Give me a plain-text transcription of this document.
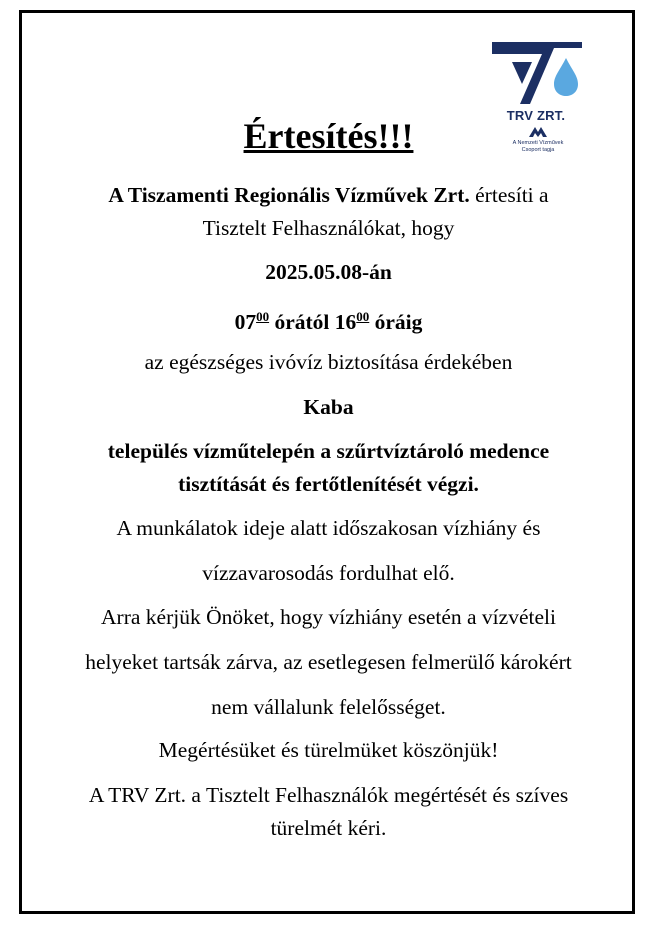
TRV ZRT.
A Nemzeti Vízművek
Csoport tagja
Értesítés!!!
A Tiszamenti Regionális Vízművek Zrt. értesíti a
Tisztelt Felhasználókat, hogy
2025.05.08-án
$07^{00}$ órától $16^{00}$ óráig
az egészséges ivóvíz biztosítása érdekében
Kaba
település vízműtelepén a szűrtvíztároló medence
tisztítását és fertőtlenítését végzi.
A munkálatok ideje alatt időszakosan vízhiány és
vízzavarosodás fordulhat elő.
Arra kérjük Önöket, hogy vízhiány esetén a vízvételi
helyeket tartsák zárva, az esetlegesen felmerülő károkért
nem vállalunk felelősséget.
Megértésüket és türelmüket köszönjük!
A TRV Zrt. a Tisztelt Felhasználók megértését és szíves
türelmét kéri.
